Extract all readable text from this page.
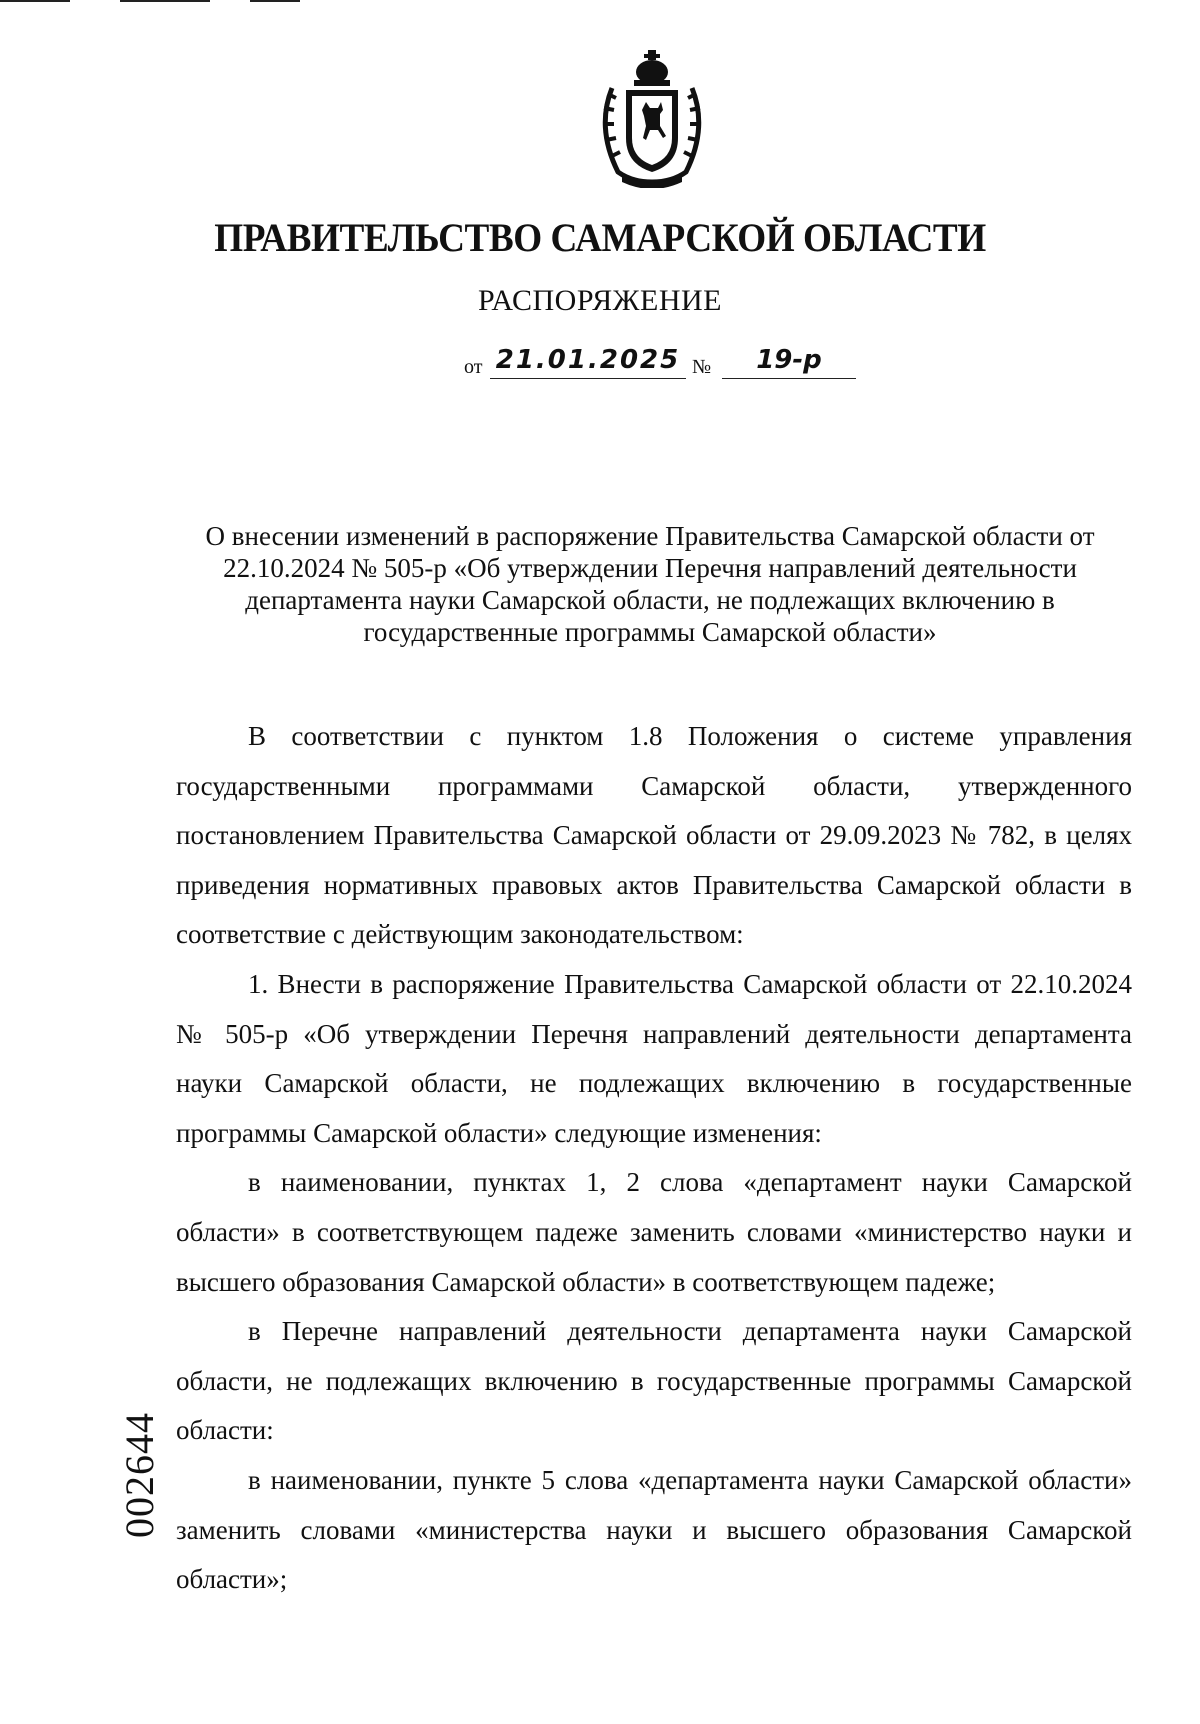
ПРАВИТЕЛЬСТВО САМАРСКОЙ ОБЛАСТИ
РАСПОРЯЖЕНИЕ
от 21.01.2025 №	19-р
О внесении изменений в распоряжение Правительства Самарской области от 22.10.2024 № 505-р «Об утверждении Перечня направлений деятельности департамента науки Самарской области, не подлежащих включению в государственные программы Самарской области»

В соответствии с пунктом 1.8 Положения о системе управления государственными программами Самарской области, утвержденного постановлением Правительства Самарской области от 29.09.2023 № 782, в целях приведения нормативных правовых актов Правительства Самарской области в соответствие с действующим законодательством:

1. Внести в распоряжение Правительства Самарской области от 22.10.2024 № 505-р «Об утверждении Перечня направлений деятельности департамента науки Самарской области, не подлежащих включению в государственные программы Самарской области» следующие изменения:

в наименовании, пунктах 1, 2 слова «департамент науки Самарской области» в соответствующем падеже заменить словами «министерство науки и высшего образования Самарской области» в соответствующем падеже;

в Перечне направлений деятельности департамента науки Самарской области, не подлежащих включению в государственные программы Самарской области:

в наименовании, пункте 5 слова «департамента науки Самарской области» заменить словами «министерства науки и высшего образования Самарской области»;

002644
